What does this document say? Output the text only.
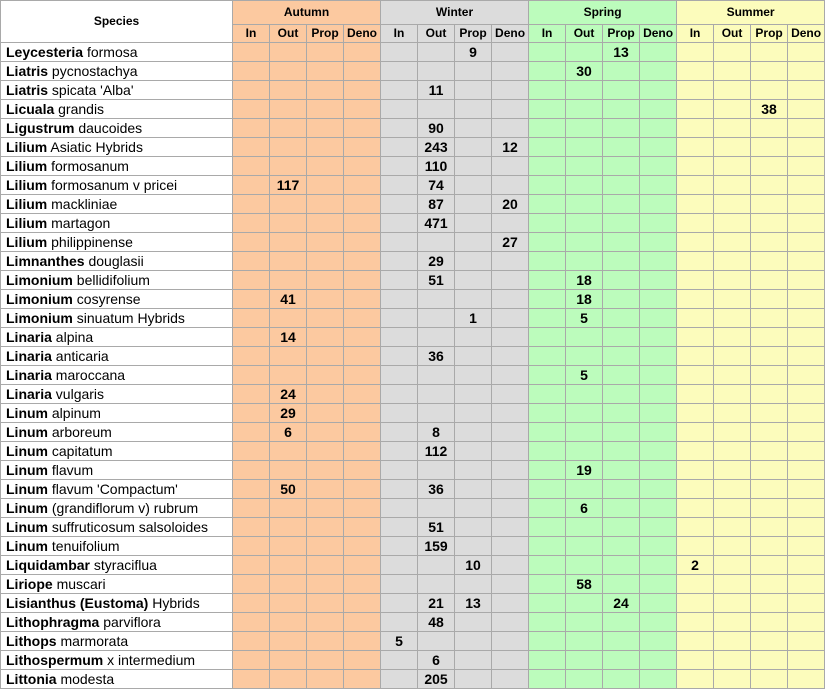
Species	Autumn				Winter				Spring				Summer			
	In	Out	Prop	Deno	In	Out	Prop	Deno	In	Out	Prop	Deno	In	Out	Prop	Deno
Leycesteria formosa							9				13					
Liatris pycnostachya										30						
Liatris spicata 'Alba'						11										
Licuala grandis															38	
Ligustrum daucoides						90										
Lilium Asiatic Hybrids						243		12								
Lilium formosanum						110										
Lilium formosanum v pricei		117				74										
Lilium mackliniae						87		20								
Lilium martagon						471										
Lilium philippinense								27								
Limnanthes douglasii						29										
Limonium bellidifolium						51				18						
Limonium cosyrense		41								18						
Limonium sinuatum Hybrids							1			5						
Linaria alpina		14														
Linaria anticaria						36										
Linaria maroccana										5						
Linaria vulgaris		24														
Linum alpinum		29														
Linum arboreum		6				8										
Linum capitatum						112										
Linum flavum										19						
Linum flavum 'Compactum'		50				36										
Linum (grandiflorum v) rubrum										6						
Linum suffruticosum salsoloides						51										
Linum tenuifolium						159										
Liquidambar styraciflua							10						2			
Liriope muscari										58						
Lisianthus (Eustoma) Hybrids						21	13				24					
Lithophragma parviflora						48										
Lithops marmorata					5											
Lithospermum x intermedium						6										
Littonia modesta						205										
